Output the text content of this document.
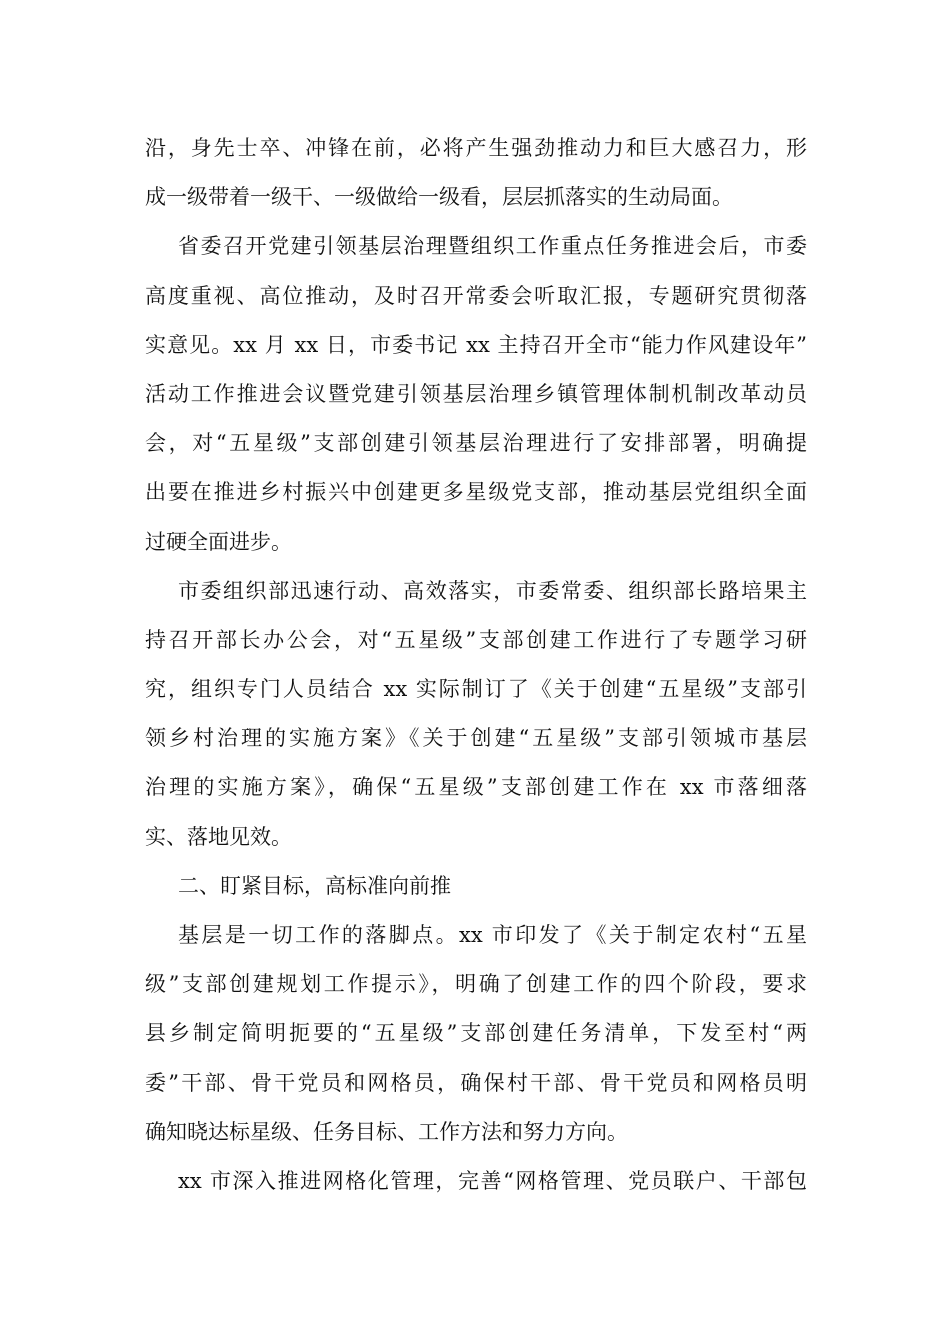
沿，身先士卒、冲锋在前，必将产生强劲推动力和巨大感召力，形
成一级带着一级干、一级做给一级看，层层抓落实的生动局面。
省委召开党建引领基层治理暨组织工作重点任务推进会后，市委
高度重视、高位推动，及时召开常委会听取汇报，专题研究贯彻落
实意见。xx 月 xx 日，市委书记 xx 主持召开全市“能力作风建设年”
活动工作推进会议暨党建引领基层治理乡镇管理体制机制改革动员
会，对“五星级”支部创建引领基层治理进行了安排部署，明确提
出要在推进乡村振兴中创建更多星级党支部，推动基层党组织全面
过硬全面进步。
市委组织部迅速行动、高效落实，市委常委、组织部长路培果主
持召开部长办公会，对“五星级”支部创建工作进行了专题学习研
究，组织专门人员结合 xx 实际制订了《关于创建“五星级”支部引
领乡村治理的实施方案》《关于创建“五星级”支部引领城市基层
治理的实施方案》，确保“五星级”支部创建工作在 xx 市落细落
实、落地见效。
二、盯紧目标，高标准向前推
基层是一切工作的落脚点。xx 市印发了《关于制定农村“五星
级”支部创建规划工作提示》，明确了创建工作的四个阶段，要求
县乡制定简明扼要的“五星级”支部创建任务清单，下发至村“两
委”干部、骨干党员和网格员，确保村干部、骨干党员和网格员明
确知晓达标星级、任务目标、工作方法和努力方向。
xx 市深入推进网格化管理，完善“网格管理、党员联户、干部包
